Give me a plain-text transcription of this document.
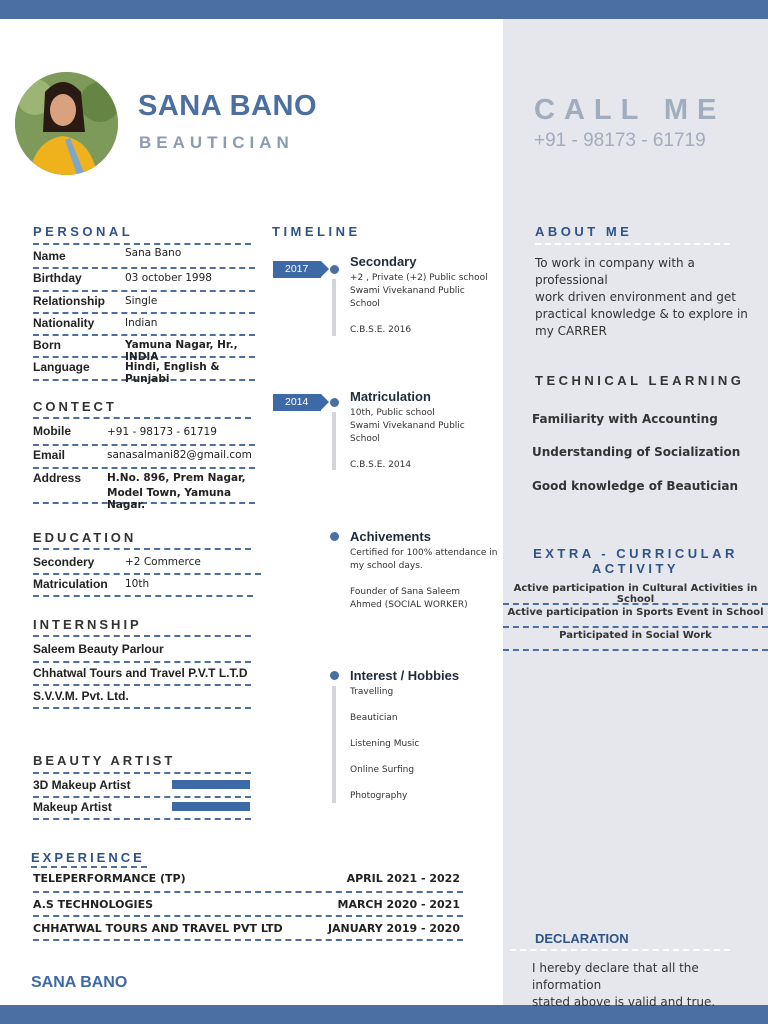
SANA BANO
BEAUTICIAN
CALL ME
+91 - 98173 - 61719
PERSONAL
Name	Sana Bano
Birthday	03 october 1998
Relationship Single
Nationality	Indian
Born	Yamuna Nagar, Hr., INDIA
Language	Hindi, English & Punjabi
CONTECT
Mobile	+91 - 98173 - 61719
Email	sanasalmani82@gmail.com
Address H.No. 896, Prem Nagar,
Model Town, Yamuna Nagar.
EDUCATION
Secondery	+2 Commerce
Matriculation 10th
INTERNSHIP
Saleem Beauty Parlour
Chhatwal Tours and Travel P.V.T L.T.D
S.V.V.M. Pvt. Ltd.
BEAUTY ARTIST
3D Makeup Artist
Makeup Artist
EXPERIENCE
TELEPERFORMANCE (TP)	APRIL 2021 - 2022
A.S TECHNOLOGIES	MARCH 2020 - 2021
CHHATWAL TOURS AND TRAVEL PVT LTD	JANUARY 2019 - 2020
SANA BANO
TIMELINE
2017	Secondary
+2 , Private (+2) Public school
Swami Vivekanand Public
School
C.B.S.E. 2016
2014	Matriculation
10th, Public school
Swami Vivekanand Public
School
C.B.S.E. 2014
Achivements
Certified for 100% attendance in
my school days.
Founder of Sana Saleem
Ahmed (SOCIAL WORKER)
Interest / Hobbies
Travelling
Beautician
Listening Music
Online Surfing
Photography
ABOUT ME
To work in company with a professional
work driven environment and get
practical knowledge & to explore in
my CARRER
TECHNICAL LEARNING
Familiarity with Accounting
Understanding of Socialization
Good knowledge of Beautician
EXTRA - CURRICULAR
ACTIVITY
Active participation in Cultural Activities in School
Active participation in Sports Event in School
Participated in Social Work
DECLARATION
I hereby declare that all the information
stated above is valid and true.
